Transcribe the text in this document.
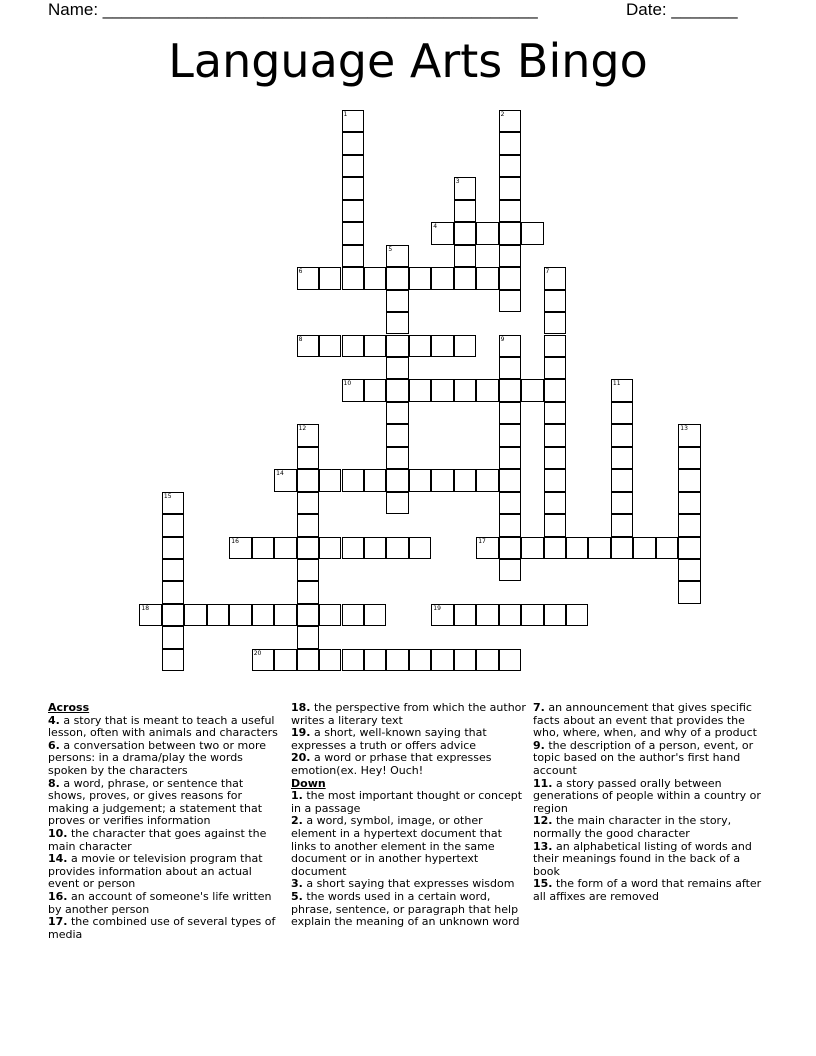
Name: ______________________________________________	Date: _______
Language Arts Bingo
1	2
3
4
5
6	7
8	9
10	11
12	13
14
15
16	17
18	19
20
Across
4. a story that is meant to teach a useful lesson, often with animals and characters
6. a conversation between two or more persons: in a drama/play the words spoken by the characters
8. a word, phrase, or sentence that shows, proves, or gives reasons for making a judgement; a statement that proves or verifies information
10. the character that goes against the main character
14. a movie or television program that provides information about an actual event or person
16. an account of someone's life written by another person
17. the combined use of several types of media
18. the perspective from which the author writes a literary text
19. a short, well-known saying that expresses a truth or offers advice
20. a word or prhase that expresses emotion(ex. Hey! Ouch!
Down
1. the most important thought or concept in a passage
2. a word, symbol, image, or other element in a hypertext document that links to another element in the same document or in another hypertext document
3. a short saying that expresses wisdom
5. the words used in a certain word, phrase, sentence, or paragraph that help explain the meaning of an unknown word
7. an announcement that gives specific facts about an event that provides the who, where, when, and why of a product
9. the description of a person, event, or topic based on the author's first hand account
11. a story passed orally between generations of people within a country or region
12. the main character in the story, normally the good character
13. an alphabetical listing of words and their meanings found in the back of a book
15. the form of a word that remains after all affixes are removed
